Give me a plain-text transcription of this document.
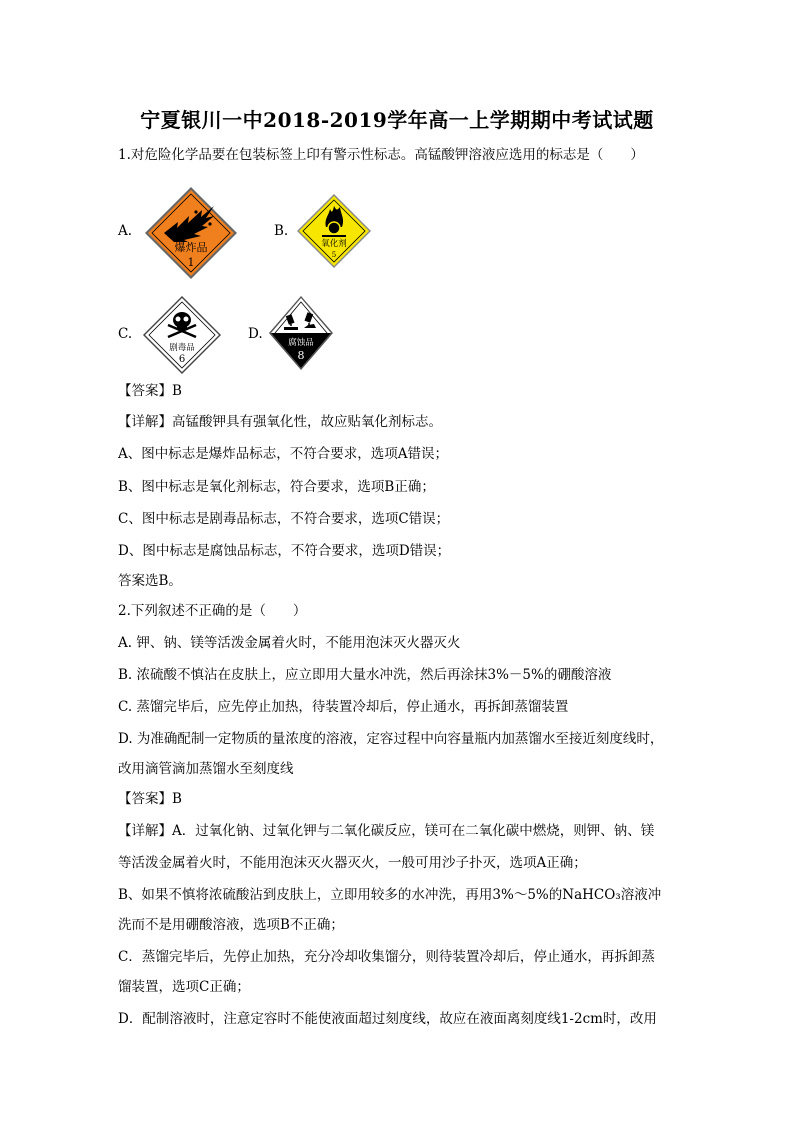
宁夏银川一中2018-2019学年高一上学期期中考试试题
1.对危险化学品要在包装标签上印有警示性标志。高锰酸钾溶液应选用的标志是（　　）
A.
爆炸品
1
B.
氧化剂
5
C.
剧毒品
6
D.
腐蚀品
8
【答案】B
【详解】高锰酸钾具有强氧化性，故应贴氧化剂标志。
A、图中标志是爆炸品标志，不符合要求，选项A错误；
B、图中标志是氧化剂标志，符合要求，选项B正确；
C、图中标志是剧毒品标志，不符合要求，选项C错误；
D、图中标志是腐蚀品标志，不符合要求，选项D错误；
答案选B。
2.下列叙述不正确的是（　　）
A. 钾、钠、镁等活泼金属着火时，不能用泡沫灭火器灭火
B. 浓硫酸不慎沾在皮肤上，应立即用大量水冲洗，然后再涂抹3%－5%的硼酸溶液
C. 蒸馏完毕后，应先停止加热，待装置冷却后，停止通水，再拆卸蒸馏装置
D. 为准确配制一定物质的量浓度的溶液，定容过程中向容量瓶内加蒸馏水至接近刻度线时，
改用滴管滴加蒸馏水至刻度线
【答案】B
【详解】A．过氧化钠、过氧化钾与二氧化碳反应，镁可在二氧化碳中燃烧，则钾、钠、镁
等活泼金属着火时，不能用泡沫灭火器灭火，一般可用沙子扑灭，选项A正确；
B、如果不慎将浓硫酸沾到皮肤上，立即用较多的水冲洗，再用3%～5%的NaHCO₃溶液冲
洗而不是用硼酸溶液，选项B不正确；
C．蒸馏完毕后，先停止加热，充分冷却收集馏分，则待装置冷却后，停止通水，再拆卸蒸
馏装置，选项C正确；
D．配制溶液时，注意定容时不能使液面超过刻度线，故应在液面离刻度线1-2cm时，改用
